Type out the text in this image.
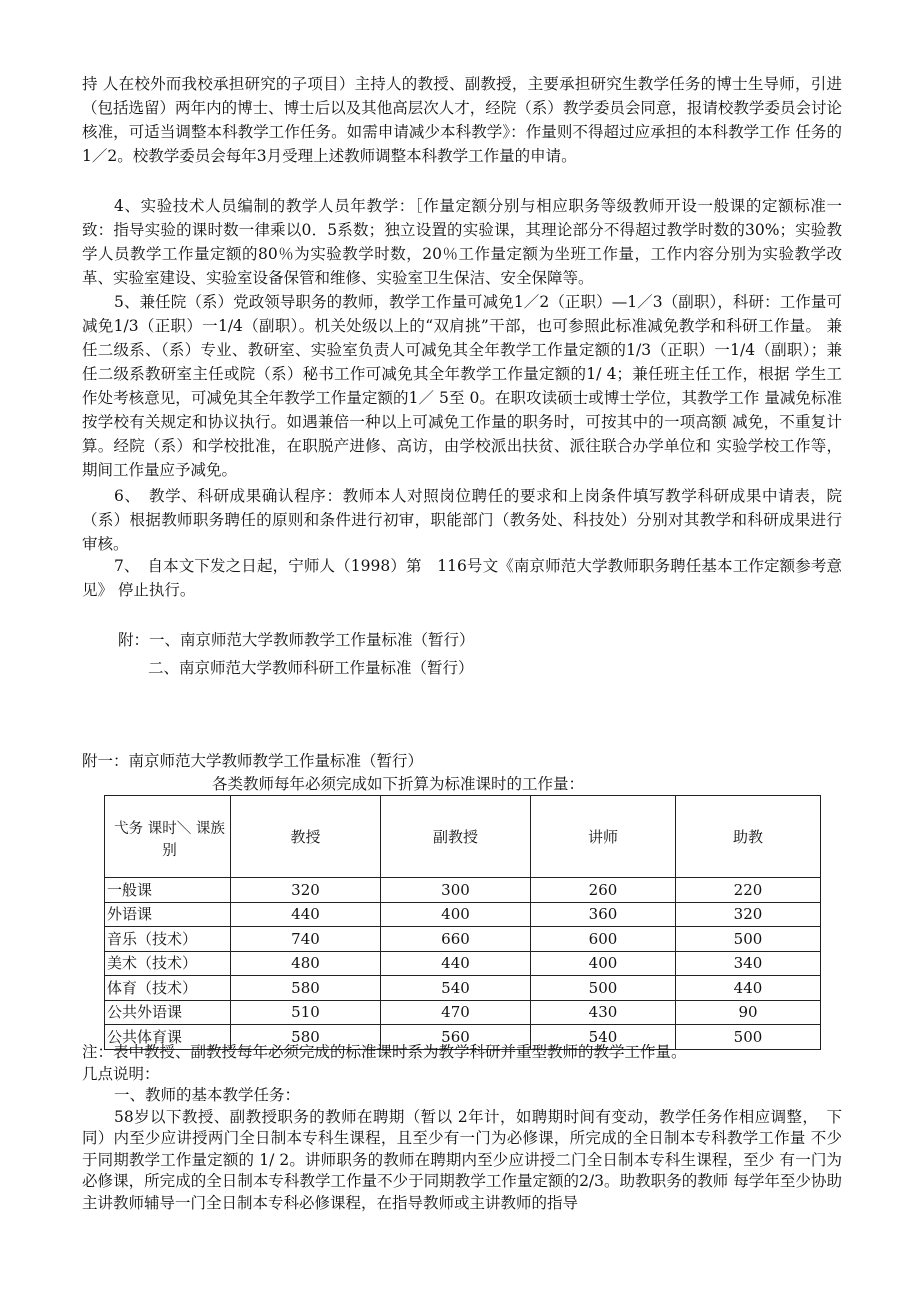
持 人在校外而我校承担研究的子项目）主持人的教授、副教授，主要承担研究生教学任务的博士生导师，引进（包括选留）两年内的博士、博士后以及其他高层次人才，经院（系）教学委员会同意，报请校教学委员会讨论 核准，可适当调整本科教学工作任务。如需申请减少本科教学》：作量则不得超过应承担的本科教学工作 任务的1／2。校教学委员会每年3月受理上述教师调整本科教学工作量的申请。

4、实验技术人员编制的教学人员年教学：［作量定额分别与相应职务等级教师开设一般课的定额标准一致：指导实验的课时数一律乘以0．5系数；独立设置的实验课，其理论部分不得超过教学时数的30%；实验教学人员教学工作量定额的80％为实验教学时数，20％工作量定额为坐班工作量，工作内容分别为实验教学改革、实验室建设、实验室设备保管和维修、实验室卫生保洁、安全保障等。

5、兼任院（系）党政领导职务的教师，教学工作量可减免1／2（正职）—1／3（副职），科研：工作量可 减免1/3（正职）一1/4（副职）。机关处级以上的“双肩挑”干部，也可参照此标准减免教学和科研工作量。 兼任二级系、（系）专业、教研室、实验室负责人可减免其全年教学工作量定额的1/3（正职）一1/4（副职）；兼任二级系教研室主任或院（系）秘书工作可减免其全年教学工作量定额的1/ 4；兼任班主任工作，根据 学生工作处考核意见，可减免其全年教学工作量定额的1／ 5至 0。在职攻读硕士或博士学位，其教学工作 量减免标准按学校有关规定和协议执行。如遇兼倍一种以上可减免工作量的职务时，可按其中的一项高额 减免，不重复计算。经院（系）和学校批准，在职脱产进修、高访，由学校派出扶贫、派往联合办学单位和 实验学校工作等，期间工作量应予减免。

6、　教学、科研成果确认程序：教师本人对照岗位聘任的要求和上岗条件填写教学科研成果中请表，院（系）根据教师职务聘任的原则和条件进行初审，职能部门（教务处、科技处）分别对其教学和科研成果进行 审核。

7、　自本文下发之日起，宁师人（1998）第　116号文《南京师范大学教师职务聘任基本工作定额参考意见》 停止执行。

附：一、南京师范大学教师教学工作量标准（暂行）
二、南京师范大学教师科研工作量标准（暂行）
附一：南京师范大学教师教学工作量标准（暂行）
各类教师每年必须完成如下折算为标准课时的工作量：
弋务 课时＼ 课族别	教授	副教授	讲师	助教
一般课	320	300	260	220
外语课	440	400	360	320
音乐（技术）	740	660	600	500
美术（技术）	480	440	400	340
体育（技术）	580	540	500	440
公共外语课	510	470	430	90
公共体育课	580	560	540	500

注：表中教授、副教授每年必须完成的标准课时系为教学科研并重型教师的教学工作量。

几点说明：

一、教师的基本教学任务：

58岁以下教授、副教授职务的教师在聘期（暂以 2年计，如聘期时间有变动，教学任务作相应调整，　下同）内至少应讲授两门全日制本专科生课程，且至少有一门为必修课，所完成的全日制本专科教学工作量 不少于同期教学工作量定额的 1/ 2。讲师职务的教师在聘期内至少应讲授二门全日制本专科生课程，至少 有一门为必修课，所完成的全日制本专科教学工作量不少于同期教学工作量定额的2/3。助教职务的教师 每学年至少协助主讲教师辅导一门全日制本专科必修课程，在指导教师或主讲教师的指导
